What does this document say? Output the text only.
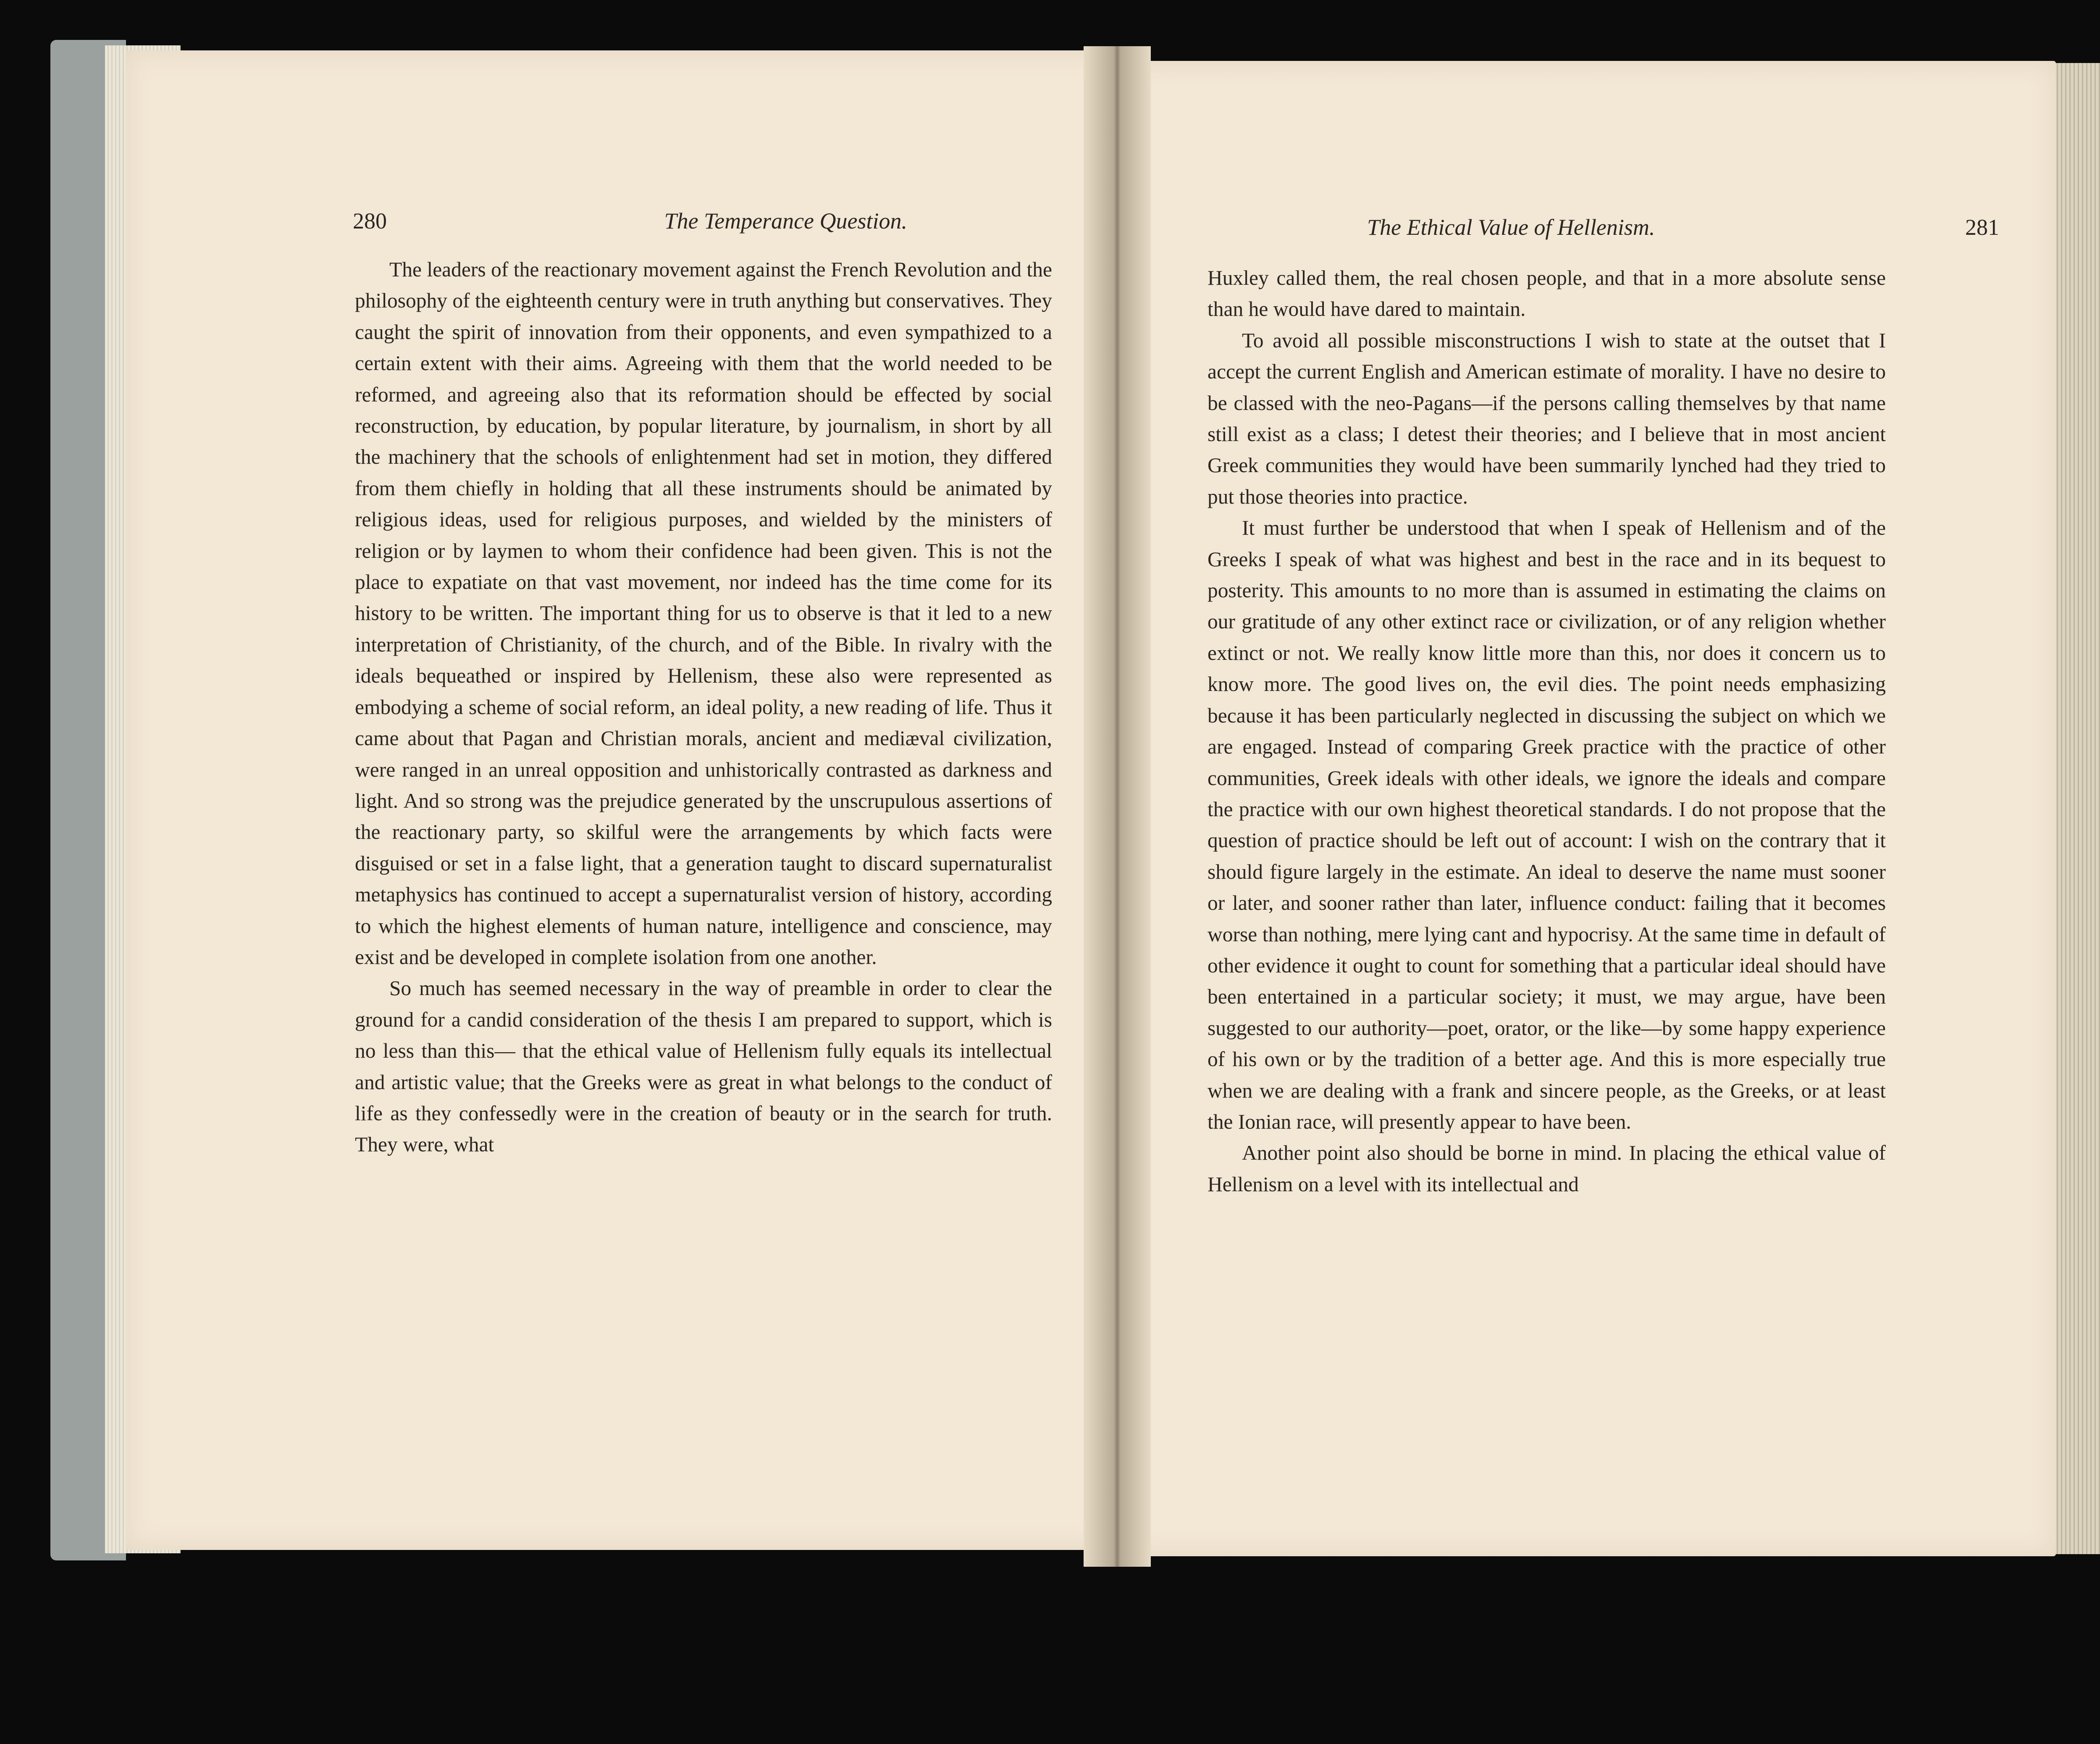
280	The Temperance Question.

The leaders of the reactionary movement against the French Revolution and the philosophy of the eighteenth century were in truth anything but conservatives. They caught the spirit of innovation from their opponents, and even sympathized to a certain extent with their aims. Agreeing with them that the world needed to be reformed, and agreeing also that its reformation should be effected by social reconstruction, by education, by popular literature, by journalism, in short by all the machinery that the schools of enlightenment had set in motion, they differed from them chiefly in holding that all these instruments should be animated by religious ideas, used for religious purposes, and wielded by the ministers of religion or by laymen to whom their confidence had been given. This is not the place to expatiate on that vast movement, nor indeed has the time come for its history to be written. The important thing for us to observe is that it led to a new interpretation of Christianity, of the church, and of the Bible. In rivalry with the ideals bequeathed or inspired by Hellenism, these also were represented as embodying a scheme of social reform, an ideal polity, a new reading of life. Thus it came about that Pagan and Christian morals, ancient and mediæval civilization, were ranged in an unreal opposition and unhistorically contrasted as darkness and light. And so strong was the prejudice generated by the unscrupulous assertions of the reactionary party, so skilful were the arrangements by which facts were disguised or set in a false light, that a generation taught to discard supernaturalist metaphysics has continued to accept a supernaturalist version of history, according to which the highest elements of human nature, intelligence and conscience, may exist and be developed in complete isolation from one another.

So much has seemed necessary in the way of preamble in order to clear the ground for a candid consideration of the thesis I am prepared to support, which is no less than this— that the ethical value of Hellenism fully equals its intellectual and artistic value; that the Greeks were as great in what belongs to the conduct of life as they confessedly were in the creation of beauty or in the search for truth. They were, what

The Ethical Value of Hellenism.	281

Huxley called them, the real chosen people, and that in a more absolute sense than he would have dared to maintain.

To avoid all possible misconstructions I wish to state at the outset that I accept the current English and American estimate of morality. I have no desire to be classed with the neo-Pagans—if the persons calling themselves by that name still exist as a class; I detest their theories; and I believe that in most ancient Greek communities they would have been summarily lynched had they tried to put those theories into practice.

It must further be understood that when I speak of Hellenism and of the Greeks I speak of what was highest and best in the race and in its bequest to posterity. This amounts to no more than is assumed in estimating the claims on our gratitude of any other extinct race or civilization, or of any religion whether extinct or not. We really know little more than this, nor does it concern us to know more. The good lives on, the evil dies. The point needs emphasizing because it has been particularly neglected in discussing the subject on which we are engaged. Instead of comparing Greek practice with the practice of other communities, Greek ideals with other ideals, we ignore the ideals and compare the practice with our own highest theoretical standards. I do not propose that the question of practice should be left out of account: I wish on the contrary that it should figure largely in the estimate. An ideal to deserve the name must sooner or later, and sooner rather than later, influence conduct: failing that it becomes worse than nothing, mere lying cant and hypocrisy. At the same time in default of other evidence it ought to count for something that a particular ideal should have been entertained in a particular society; it must, we may argue, have been suggested to our authority—poet, orator, or the like—by some happy experience of his own or by the tradition of a better age. And this is more especially true when we are dealing with a frank and sincere people, as the Greeks, or at least the Ionian race, will presently appear to have been.

Another point also should be borne in mind. In placing the ethical value of Hellenism on a level with its intellectual and
